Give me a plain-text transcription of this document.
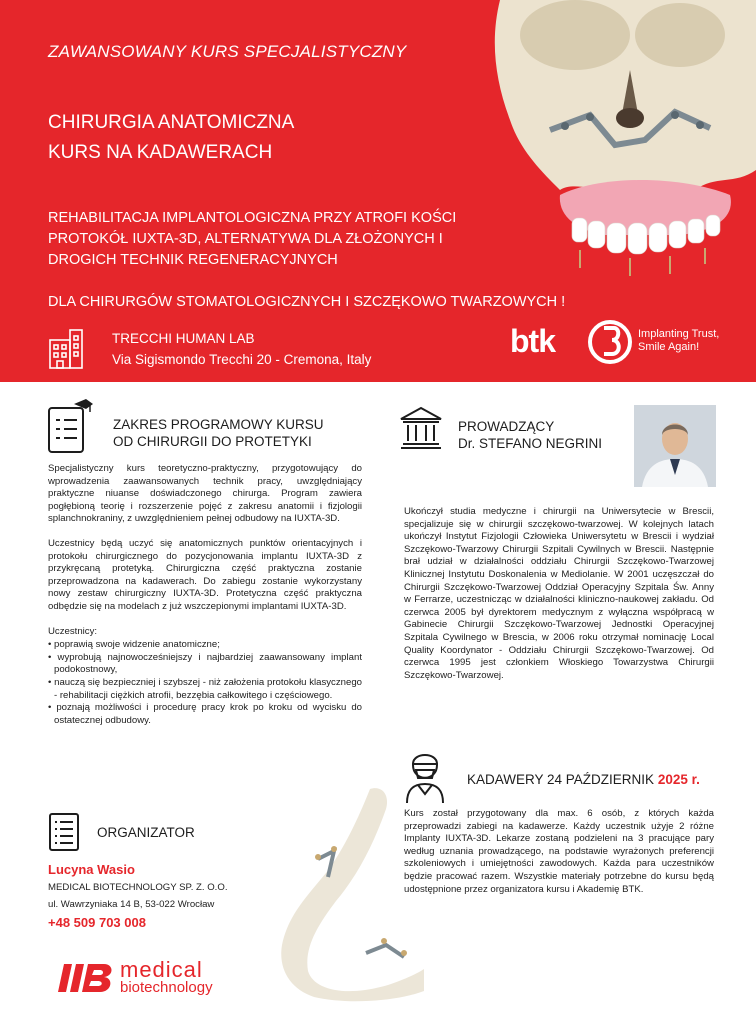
ZAWANSOWANY KURS SPECJALISTYCZNY
CHIRURGIA ANATOMICZNA
KURS NA KADAWERACH
REHABILITACJA IMPLANTOLOGICZNA PRZY ATROFI KOŚCI
PROTOKÓŁ IUXTA-3D, ALTERNATYWA DLA ZŁOŻONYCH I
DROGICH TECHNIK REGENERACYJNYCH
DLA CHIRURGÓW STOMATOLOGICZNYCH I SZCZĘKOWO TWARZOWYCH !
TRECCHI HUMAN LAB
Via Sigismondo Trecchi 20 - Cremona, Italy
btk	Implanting Trust,
Smile Again!
ZAKRES PROGRAMOWY KURSU
OD CHIRURGII DO PROTETYKI

Specjalistyczny kurs teoretyczno-praktyczny, przygotowujący do wprowadzenia zaawansowanych technik pracy, uwzględniający praktyczne niuanse doświadczonego chirurga. Program zawiera pogłębioną teorię i rozszerzenie pojęć z zakresu anatomii i fizjologii splanchnokraniny, z uwzględnieniem pełnej odbudowy na IUXTA-3D.

Uczestnicy będą uczyć się anatomicznych punktów orientacyjnych i protokołu chirurgicznego do pozycjonowania implantu IUXTA-3D z przykręcaną protetyką. Chirurgiczna część praktyczna zostanie przeprowadzona na kadawerach. Do zabiegu zostanie wykorzystany nowy zestaw chirurgiczny IUXTA-3D. Protetyczna część praktyczna odbędzie się na modelach z już wszczepionymi implantami IUXTA-3D.

Uczestnicy:
• poprawią swoje widzenie anatomiczne;
• wyprobują najnowocześniejszy i najbardziej zaawansowany implant podokostnowy,
• nauczą się bezpieczniej i szybszej - niż założenia protokołu klasycznego - rehabilitacji ciężkich atrofii, bezzębia całkowitego i częściowego.
• poznają możliwości i procedurę pracy krok po kroku od wycisku do ostatecznej odbudowy.
PROWADZĄCY
Dr. STEFANO NEGRINI
Ukończył studia medyczne i chirurgii na Uniwersytecie w Brescii, specjalizuje się w chirurgii szczękowo-twarzowej. W kolejnych latach ukończył Instytut Fizjologii Człowieka Uniwersytetu w Brescii i wydział Szczękowo-Twarzowy Chirurgii Szpitali Cywilnych w Brescii. Następnie brał udział w działalności oddziału Chirurgii Szczękowo-Twarzowej Klinicznej Instytutu Doskonalenia w Mediolanie. W 2001 uczęszczał do Chirurgii Szczękowo-Twarzowej Oddział Operacyjny Szpitala Św. Anny w Ferrarze, uczestnicząc w działalności kliniczno-naukowej zakładu. Od czerwca 2005 był dyrektorem medycznym z wyłączna współpracą w Gabinecie Chirurgii Szczękowo-Twarzowej Jednostki Operacyjnej Szpitala Cywilnego w Brescia, w 2006 roku otrzymał nominację Local Quality Koordynator - Oddziału Chirurgii Szczękowo-Twarzowej. Od czerwca 1995 jest członkiem Włoskiego Towarzystwa Chirurgii Szczękowo-Twarzowej.
KADAWERY 24 PAŹDZIERNIK 2025 r.
Kurs został przygotowany dla max. 6 osób, z których każda przeprowadzi zabiegi na kadawerze. Każdy uczestnik użyje 2 różne Implanty IUXTA-3D. Lekarze zostaną podzieleni na 3 pracujące pary według uznania prowadzącego, na podstawie wyrażonych preferencji szkoleniowych i umiejętności zawodowych. Każda para uczestników będzie pracować razem. Wszystkie materiały potrzebne do kursu będą udostępnione przez organizatora kursu i Akademię BTK.
ORGANIZATOR
Lucyna Wasio
MEDICAL BIOTECHNOLOGY SP. Z. O.O.
ul. Wawrzyniaka 14 B, 53-022 Wrocław
+48 509 703 008
medical
biotechnology
